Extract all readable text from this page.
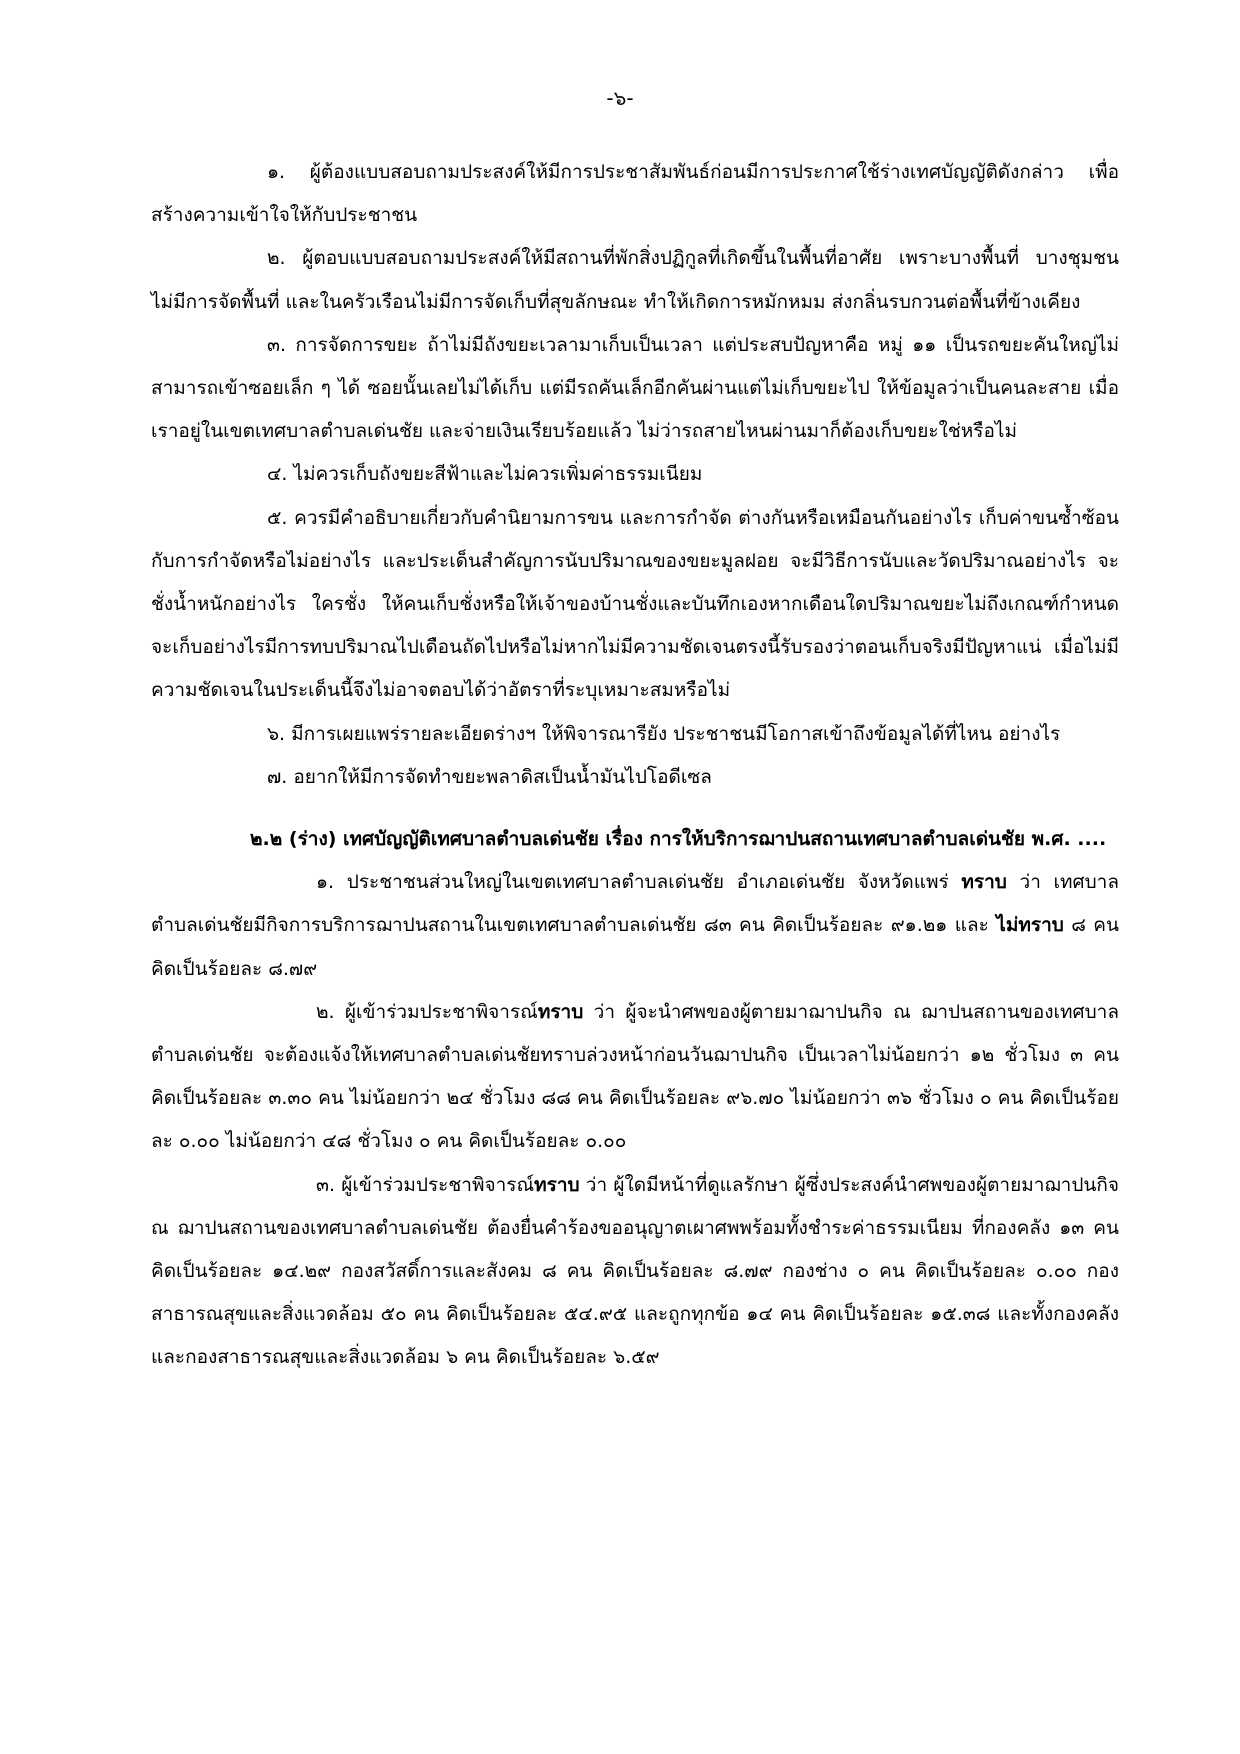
-๖-

๑. ผู้ต้องแบบสอบถามประสงค์ให้มีการประชาสัมพันธ์ก่อนมีการประกาศใช้ร่างเทศบัญญัติดังกล่าว เพื่อสร้างความเข้าใจให้กับประชาชน

๒. ผู้ตอบแบบสอบถามประสงค์ให้มีสถานที่พักสิ่งปฏิกูลที่เกิดขึ้นในพื้นที่อาศัย เพราะบางพื้นที่ บางชุมชนไม่มีการจัดพื้นที่ และในครัวเรือนไม่มีการจัดเก็บที่สุขลักษณะ ทำให้เกิดการหมักหมม ส่งกลิ่นรบกวนต่อพื้นที่ข้างเคียง

๓. การจัดการขยะ ถ้าไม่มีถังขยะเวลามาเก็บเป็นเวลา แต่ประสบปัญหาคือ หมู่ ๑๑ เป็นรถขยะคันใหญ่ไม่สามารถเข้าซอยเล็ก ๆ ได้ ซอยนั้นเลยไม่ได้เก็บ แต่มีรถคันเล็กอีกคันผ่านแต่ไม่เก็บขยะไป ให้ข้อมูลว่าเป็นคนละสาย เมื่อเราอยู่ในเขตเทศบาลตำบลเด่นชัย และจ่ายเงินเรียบร้อยแล้ว ไม่ว่ารถสายไหนผ่านมาก็ต้องเก็บขยะใช่หรือไม่

๔. ไม่ควรเก็บถังขยะสีฟ้าและไม่ควรเพิ่มค่าธรรมเนียม

๕. ควรมีคำอธิบายเกี่ยวกับคำนิยามการขน และการกำจัด ต่างกันหรือเหมือนกันอย่างไร เก็บค่าขนซ้ำซ้อนกับการกำจัดหรือไม่อย่างไร และประเด็นสำคัญการนับปริมาณของขยะมูลฝอย จะมีวิธีการนับและวัดปริมาณอย่างไร จะชั่งน้ำหนักอย่างไร ใครชั่ง ให้คนเก็บชั่งหรือให้เจ้าของบ้านชั่งและบันทึกเองหากเดือนใดปริมาณขยะไม่ถึงเกณฑ์กำหนดจะเก็บอย่างไรมีการทบปริมาณไปเดือนถัดไปหรือไม่หากไม่มีความชัดเจนตรงนี้รับรองว่าตอนเก็บจริงมีปัญหาแน่ เมื่อไม่มีความชัดเจนในประเด็นนี้จึงไม่อาจตอบได้ว่าอัตราที่ระบุเหมาะสมหรือไม่

๖. มีการเผยแพร่รายละเอียดร่างฯ ให้พิจารณารียัง ประชาชนมีโอกาสเข้าถึงข้อมูลได้ที่ไหน อย่างไร

๗. อยากให้มีการจัดทำขยะพลาดิสเป็นน้ำมันไปโอดีเซล

๒.๒ (ร่าง) เทศบัญญัติเทศบาลตำบลเด่นชัย เรื่อง การให้บริการฌาปนสถานเทศบาลตำบลเด่นชัย พ.ศ. ....

๑. ประชาชนส่วนใหญ่ในเขตเทศบาลตำบลเด่นชัย อำเภอเด่นชัย จังหวัดแพร่ ทราบ ว่า เทศบาลตำบลเด่นชัยมีกิจการบริการฌาปนสถานในเขตเทศบาลตำบลเด่นชัย ๘๓ คน คิดเป็นร้อยละ ๙๑.๒๑ และ ไม่ทราบ ๘ คน คิดเป็นร้อยละ ๘.๗๙

๒. ผู้เข้าร่วมประชาพิจารณ์ทราบ ว่า ผู้จะนำศพของผู้ตายมาฌาปนกิจ ณ ฌาปนสถานของเทศบาลตำบลเด่นชัย จะต้องแจ้งให้เทศบาลตำบลเด่นชัยทราบล่วงหน้าก่อนวันฌาปนกิจ เป็นเวลาไม่น้อยกว่า ๑๒ ชั่วโมง ๓ คน คิดเป็นร้อยละ ๓.๓๐ คน ไม่น้อยกว่า ๒๔ ชั่วโมง ๘๘ คน คิดเป็นร้อยละ ๙๖.๗๐ ไม่น้อยกว่า ๓๖ ชั่วโมง ๐ คน คิดเป็นร้อยละ ๐.๐๐ ไม่น้อยกว่า ๔๘ ชั่วโมง ๐ คน คิดเป็นร้อยละ ๐.๐๐

๓. ผู้เข้าร่วมประชาพิจารณ์ทราบ ว่า ผู้ใดมีหน้าที่ดูแลรักษา ผู้ซึ่งประสงค์นำศพของผู้ตายมาฌาปนกิจ ณ ฌาปนสถานของเทศบาลตำบลเด่นชัย ต้องยื่นคำร้องขออนุญาตเผาศพพร้อมทั้งชำระค่าธรรมเนียม ที่กองคลัง ๑๓ คน คิดเป็นร้อยละ ๑๔.๒๙ กองสวัสดิ์การและสังคม ๘ คน คิดเป็นร้อยละ ๘.๗๙ กองช่าง ๐ คน คิดเป็นร้อยละ ๐.๐๐ กองสาธารณสุขและสิ่งแวดล้อม ๕๐ คน คิดเป็นร้อยละ ๕๔.๙๕ และถูกทุกข้อ ๑๔ คน คิดเป็นร้อยละ ๑๕.๓๘ และทั้งกองคลังและกองสาธารณสุขและสิ่งแวดล้อม ๖ คน คิดเป็นร้อยละ ๖.๕๙
